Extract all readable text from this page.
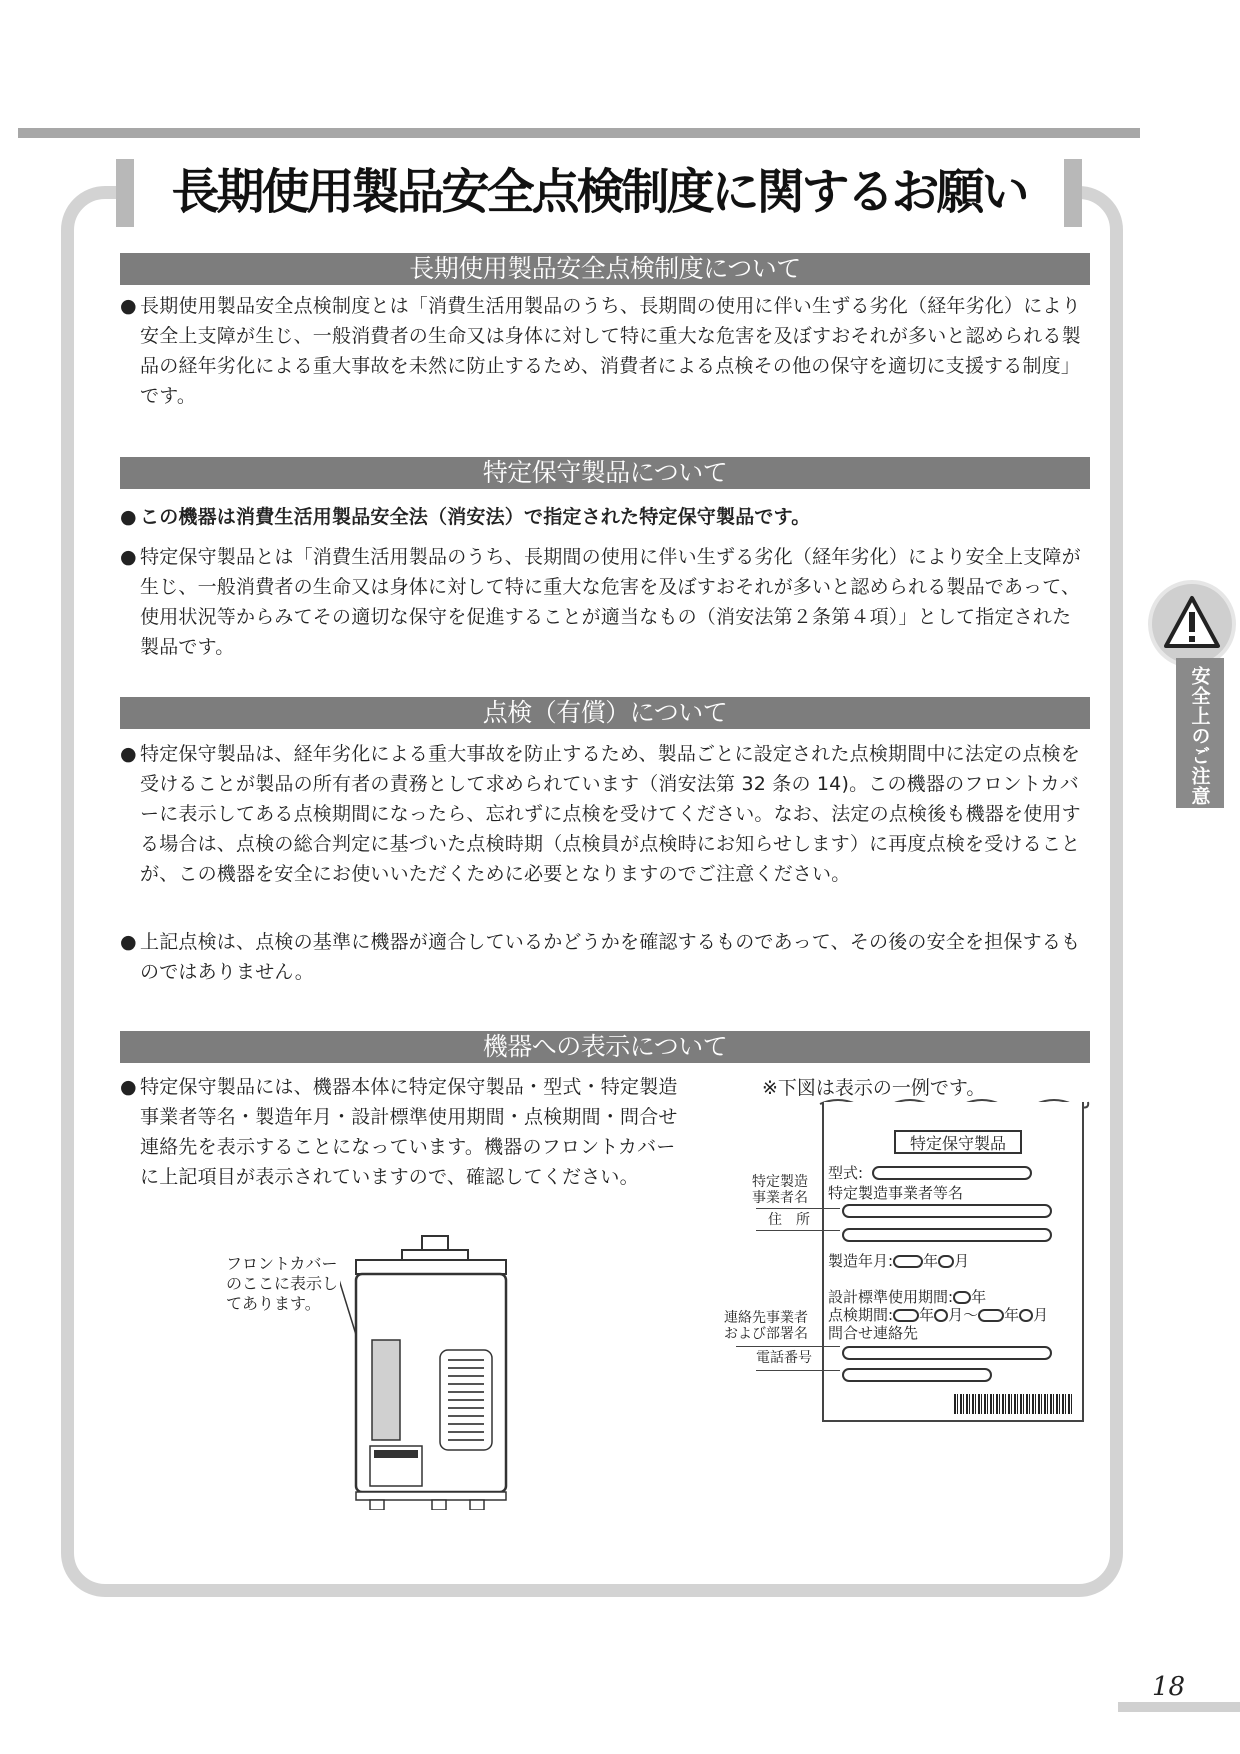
長期使用製品安全点検制度に関するお願い
長期使用製品安全点検制度について
● 長期使用製品安全点検制度とは「消費生活用製品のうち、長期間の使用に伴い生ずる劣化（経年劣化）により安全上支障が生じ、一般消費者の生命又は身体に対して特に重大な危害を及ぼすおそれが多いと認められる製品の経年劣化による重大事故を未然に防止するため、消費者による点検その他の保守を適切に支援する制度」です。
特定保守製品について
● この機器は消費生活用製品安全法（消安法）で指定された特定保守製品です。
● 特定保守製品とは「消費生活用製品のうち、長期間の使用に伴い生ずる劣化（経年劣化）により安全上支障が生じ、一般消費者の生命又は身体に対して特に重大な危害を及ぼすおそれが多いと認められる製品であって、使用状況等からみてその適切な保守を促進することが適当なもの（消安法第２条第４項）」として指定された製品です。
点検（有償）について
● 特定保守製品は、経年劣化による重大事故を防止するため、製品ごとに設定された点検期間中に法定の点検を受けることが製品の所有者の責務として求められています（消安法第 32 条の 14)。この機器のフロントカバーに表示してある点検期間になったら、忘れずに点検を受けてください。なお、法定の点検後も機器を使用する場合は、点検の総合判定に基づいた点検時期（点検員が点検時にお知らせします）に再度点検を受けることが、この機器を安全にお使いいただくために必要となりますのでご注意ください。
● 上記点検は、点検の基準に機器が適合しているかどうかを確認するものであって、その後の安全を担保するものではありません。
機器への表示について
● 特定保守製品には、機器本体に特定保守製品・型式・特定製造事業者等名・製造年月・設計標準使用期間・点検期間・問合せ連絡先を表示することになっています。機器のフロントカバーに上記項目が表示されていますので、確認してください。
安全上のご注意
※下図は表示の一例です。
特定保守製品
型式:
特定製造事業者等名
製造年月: 年 月
設計標準使用期間: 年
点検期間: 年 月～ 年 月
問合せ連絡先
特定製造
事業者名
住　所
連絡先事業者
および部署名
電話番号
フロントカバー
のここに表示し
てあります。
18
